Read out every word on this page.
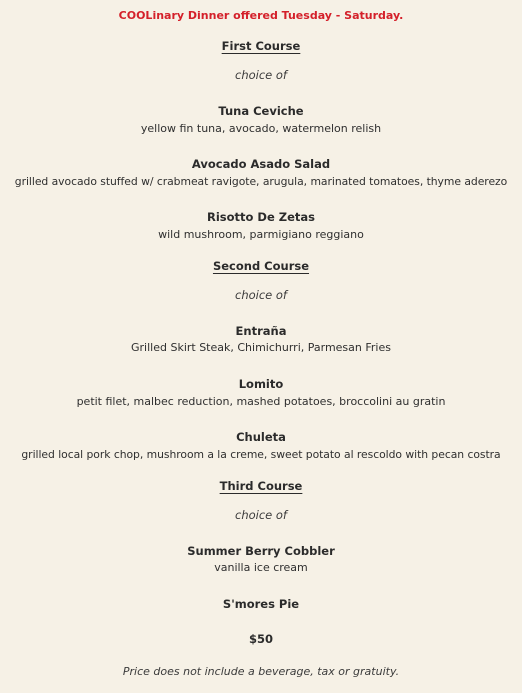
COOLinary Dinner offered Tuesday - Saturday.
First Course
choice of
Tuna Ceviche
yellow fin tuna, avocado, watermelon relish
Avocado Asado Salad
grilled avocado stuffed w/ crabmeat ravigote, arugula, marinated tomatoes, thyme aderezo
Risotto De Zetas
wild mushroom, parmigiano reggiano
Second Course
choice of
Entraña
Grilled Skirt Steak, Chimichurri, Parmesan Fries
Lomito
petit filet, malbec reduction, mashed potatoes, broccolini au gratin
Chuleta
grilled local pork chop, mushroom a la creme, sweet potato al rescoldo with pecan costra
Third Course
choice of
Summer Berry Cobbler
vanilla ice cream
S'mores Pie
$50
Price does not include a beverage, tax or gratuity.
